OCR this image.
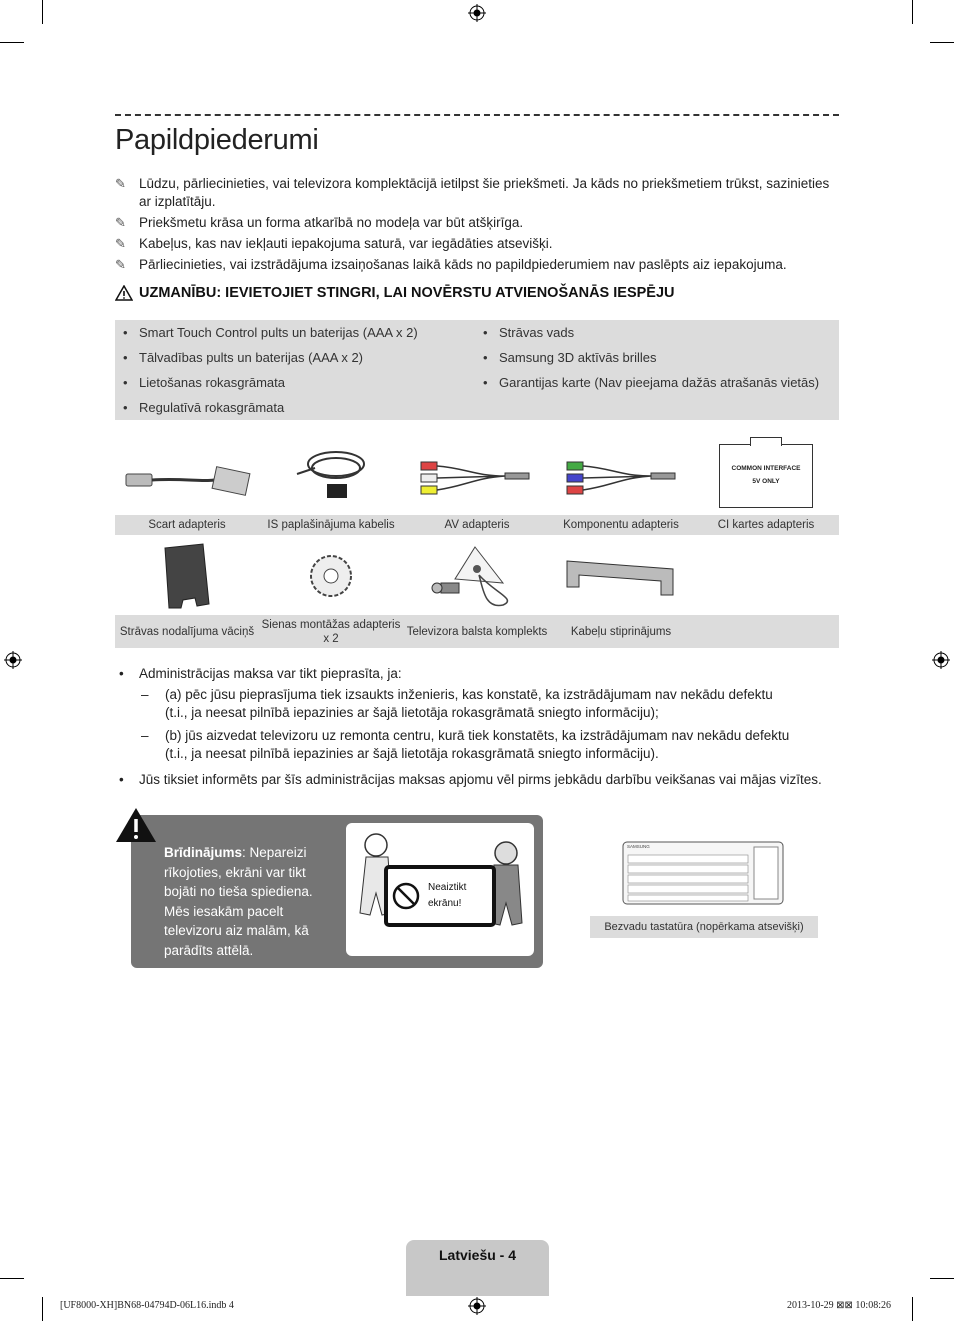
Papildpiederumi
✎ Lūdzu, pārliecinieties, vai televizora komplektācijā ietilpst šie priekšmeti. Ja kāds no priekšmetiem trūkst, sazinieties ar izplatītāju.
✎ Priekšmetu krāsa un forma atkarībā no modeļa var būt atšķirīga.
✎ Kabeļus, kas nav iekļauti iepakojuma saturā, var iegādāties atsevišķi.
✎ Pārliecinieties, vai izstrādājuma izsaiņošanas laikā kāds no papildpiederumiem nav paslēpts aiz iepakojuma.
UZMANĪBU: IEVIETOJIET STINGRI, LAI NOVĒRSTU ATVIENOŠANĀS IESPĒJU
• Smart Touch Control pults un baterijas (AAA x 2)
• Tālvadības pults un baterijas (AAA x 2)
• Lietošanas rokasgrāmata
• Regulatīvā rokasgrāmata
• Strāvas vads
• Samsung 3D aktīvās brilles
• Garantijas karte (Nav pieejama dažās atrašanās vietās)
COMMON INTERFACE
5V ONLY
Scart adapteris	IS paplašinājuma kabelis	AV adapteris	Komponentu adapteris	CI kartes adapteris
Strāvas nodalījuma vāciņš
Sienas montāžas adapteris x 2
Televizora balsta komplekts	Kabeļu stiprinājums
• Administrācijas maksa var tikt pieprasīta, ja:
– (a) pēc jūsu pieprasījuma tiek izsaukts inženieris, kas konstatē, ka izstrādājumam nav nekādu defektu
(t.i., ja neesat pilnībā iepazinies ar šajā lietotāja rokasgrāmatā sniegto informāciju);
– (b) jūs aizvedat televizoru uz remonta centru, kurā tiek konstatēts, ka izstrādājumam nav nekādu defektu
(t.i., ja neesat pilnībā iepazinies ar šajā lietotāja rokasgrāmatā sniegto informāciju).
• Jūs tiksiet informēts par šīs administrācijas maksas apjomu vēl pirms jebkādu darbību veikšanas vai mājas vizītes.
Brīdinājums: Nepareizi rīkojoties, ekrāni var tikt bojāti no tieša spiediena. Mēs iesakām pacelt televizoru aiz malām, kā parādīts attēlā.
Neaiztikt
ekrānu!
SAMSUNG
Bezvadu tastatūra (nopērkama atsevišķi)
Latviešu - 4
[UF8000-XH]BN68-04794D-06L16.indb 4	2013-10-29 ⊠⊠ 10:08:26
